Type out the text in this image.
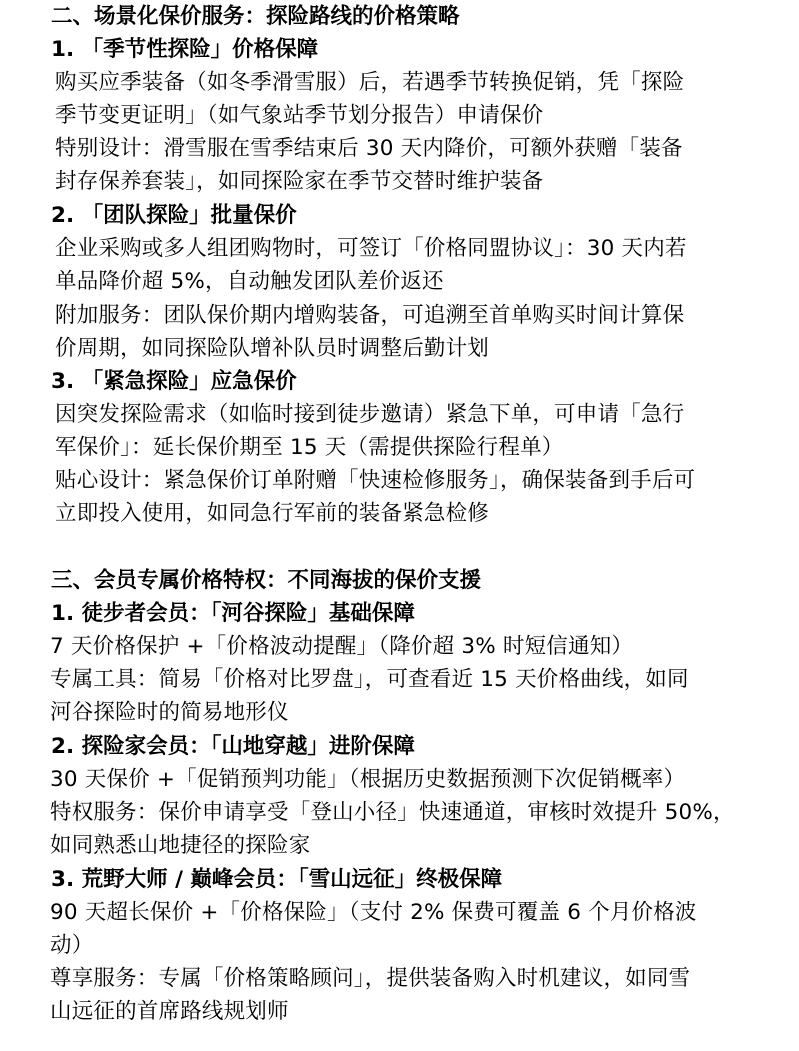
二、场景化保价服务：探险路线的价格策略
1. 「季节性探险」价格保障
购买应季装备（如冬季滑雪服）后，若遇季节转换促销，凭「探险
季节变更证明」（如气象站季节划分报告）申请保价
特别设计：滑雪服在雪季结束后 30 天内降价，可额外获赠「装备
封存保养套装」，如同探险家在季节交替时维护装备
2. 「团队探险」批量保价
企业采购或多人组团购物时，可签订「价格同盟协议」：30 天内若
单品降价超 5%，自动触发团队差价返还
附加服务：团队保价期内增购装备，可追溯至首单购买时间计算保
价周期，如同探险队增补队员时调整后勤计划
3. 「紧急探险」应急保价
因突发探险需求（如临时接到徒步邀请）紧急下单，可申请「急行
军保价」：延长保价期至 15 天（需提供探险行程单）
贴心设计：紧急保价订单附赠「快速检修服务」，确保装备到手后可
立即投入使用，如同急行军前的装备紧急检修
三、会员专属价格特权：不同海拔的保价支援
1. 徒步者会员：「河谷探险」基础保障
7 天价格保护 +「价格波动提醒」（降价超 3% 时短信通知）
专属工具：简易「价格对比罗盘」，可查看近 15 天价格曲线，如同
河谷探险时的简易地形仪
2. 探险家会员：「山地穿越」进阶保障
30 天保价 +「促销预判功能」（根据历史数据预测下次促销概率）
特权服务：保价申请享受「登山小径」快速通道，审核时效提升 50%，
如同熟悉山地捷径的探险家
3. 荒野大师 / 巅峰会员：「雪山远征」终极保障
90 天超长保价 +「价格保险」（支付 2% 保费可覆盖 6 个月价格波
动）
尊享服务：专属「价格策略顾问」，提供装备购入时机建议，如同雪
山远征的首席路线规划师
